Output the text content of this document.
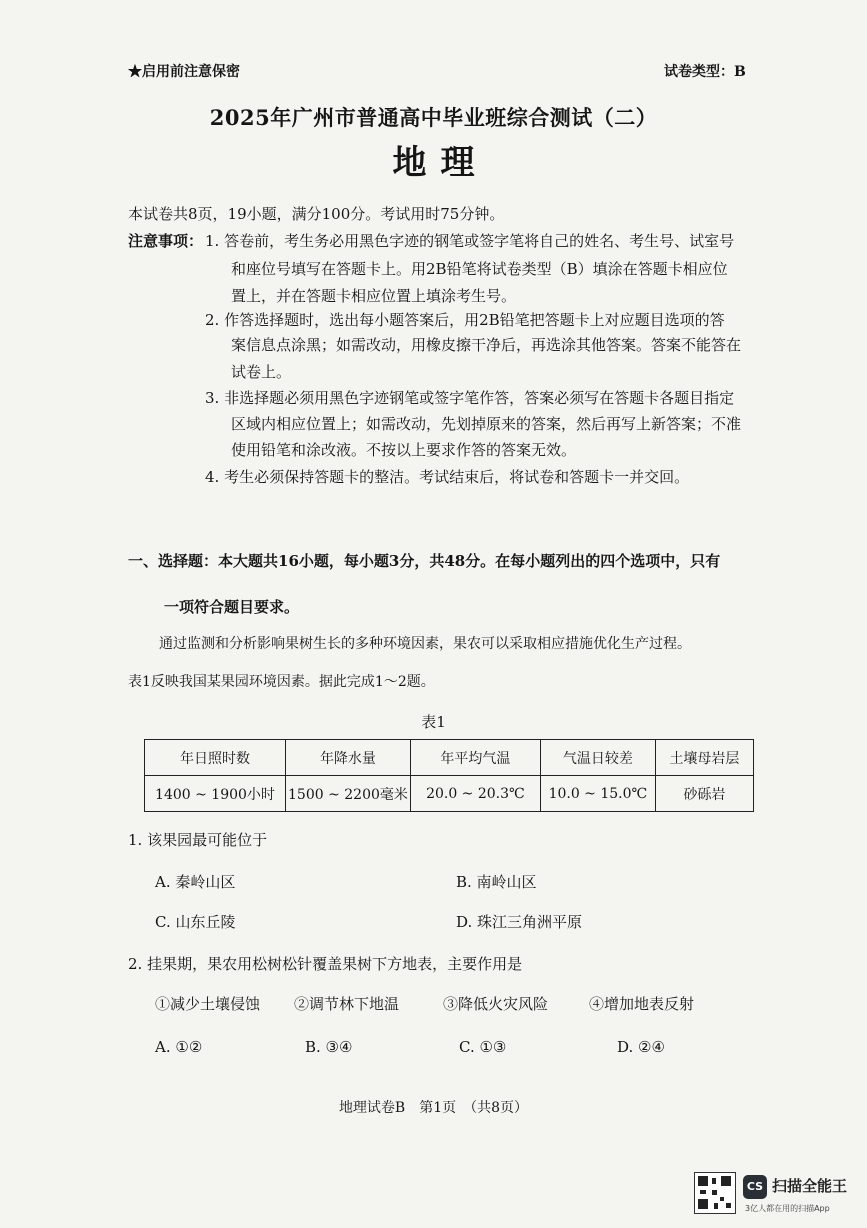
★启用前注意保密	试卷类型：B
2025年广州市普通高中毕业班综合测试（二）
地理
本试卷共8页，19小题，满分100分。考试用时75分钟。
注意事项： 1. 答卷前，考生务必用黑色字迹的钢笔或签字笔将自己的姓名、考生号、试室号
和座位号填写在答题卡上。用2B铅笔将试卷类型（B）填涂在答题卡相应位
置上，并在答题卡相应位置上填涂考生号。
2. 作答选择题时，选出每小题答案后，用2B铅笔把答题卡上对应题目选项的答
案信息点涂黑；如需改动，用橡皮擦干净后，再选涂其他答案。答案不能答在
试卷上。
3. 非选择题必须用黑色字迹钢笔或签字笔作答，答案必须写在答题卡各题目指定
区域内相应位置上；如需改动，先划掉原来的答案，然后再写上新答案；不准
使用铅笔和涂改液。不按以上要求作答的答案无效。
4. 考生必须保持答题卡的整洁。考试结束后，将试卷和答题卡一并交回。
一、选择题：本大题共16小题，每小题3分，共48分。在每小题列出的四个选项中，只有
一项符合题目要求。
通过监测和分析影响果树生长的多种环境因素，果农可以采取相应措施优化生产过程。
表1反映我国某果园环境因素。据此完成1～2题。
表1
年日照时数	年降水量	年平均气温	气温日较差	土壤母岩层
1400 ~ 1900小时	1500 ~ 2200毫米	20.0 ~ 20.3℃	10.0 ~ 15.0℃	砂砾岩
1. 该果园最可能位于
A. 秦岭山区	B. 南岭山区
C. 山东丘陵	D. 珠江三角洲平原
2. 挂果期，果农用松树松针覆盖果树下方地表，主要作用是
①减少土壤侵蚀 ②调节林下地温	③降低火灾风险	④增加地表反射
A. ①②	B. ③④	C. ①③	D. ②④
地理试卷B　第1页　（共8页）
CS 扫描全能王
3亿人都在用的扫描App
